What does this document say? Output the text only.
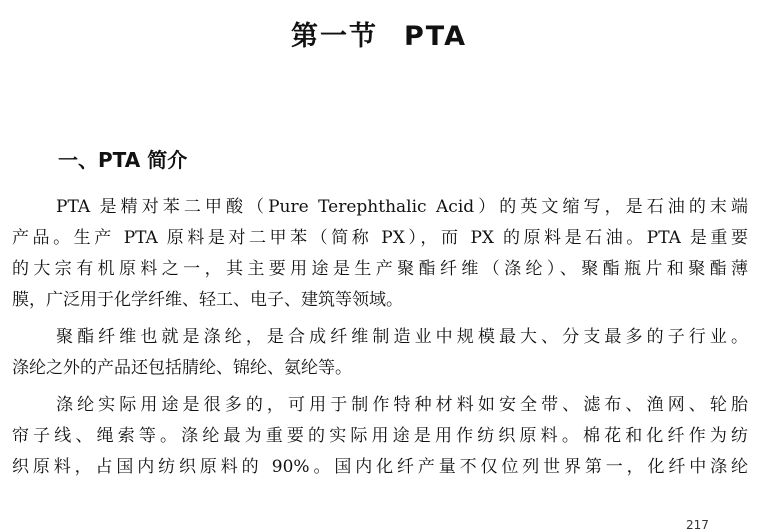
第一节 PTA
一、PTA 简介
PTA 是精对苯二甲酸（Pure Terephthalic Acid）的英文缩写，是石油的末端
产品。生产 PTA 原料是对二甲苯（简称 PX），而 PX 的原料是石油。PTA 是重要
的大宗有机原料之一，其主要用途是生产聚酯纤维（涤纶）、聚酯瓶片和聚酯薄
膜，广泛用于化学纤维、轻工、电子、建筑等领域。
聚酯纤维也就是涤纶，是合成纤维制造业中规模最大、分支最多的子行业。
涤纶之外的产品还包括腈纶、锦纶、氨纶等。
涤纶实际用途是很多的，可用于制作特种材料如安全带、滤布、渔网、轮胎
帘子线、绳索等。涤纶最为重要的实际用途是用作纺织原料。棉花和化纤作为纺
织原料，占国内纺织原料的 90%。国内化纤产量不仅位列世界第一，化纤中涤纶
217
